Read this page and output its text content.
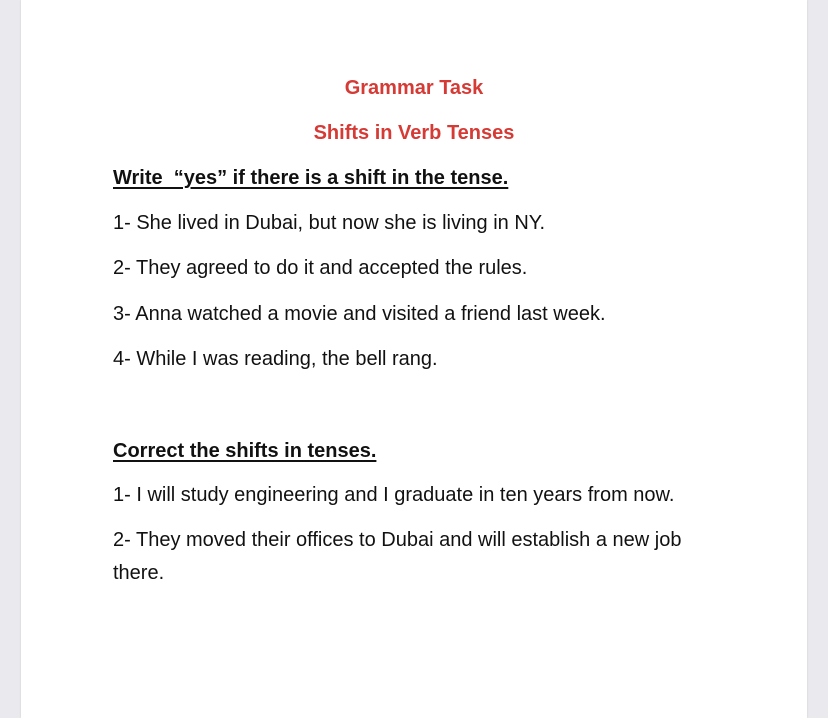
Grammar Task
Shifts in Verb Tenses
Write  “yes” if there is a shift in the tense.
1- She lived in Dubai, but now she is living in NY.
2- They agreed to do it and accepted the rules.
3- Anna watched a movie and visited a friend last week.
4- While I was reading, the bell rang.
Correct the shifts in tenses.
1- I will study engineering and I graduate in ten years from now.
2- They moved their offices to Dubai and will establish a new job there.
